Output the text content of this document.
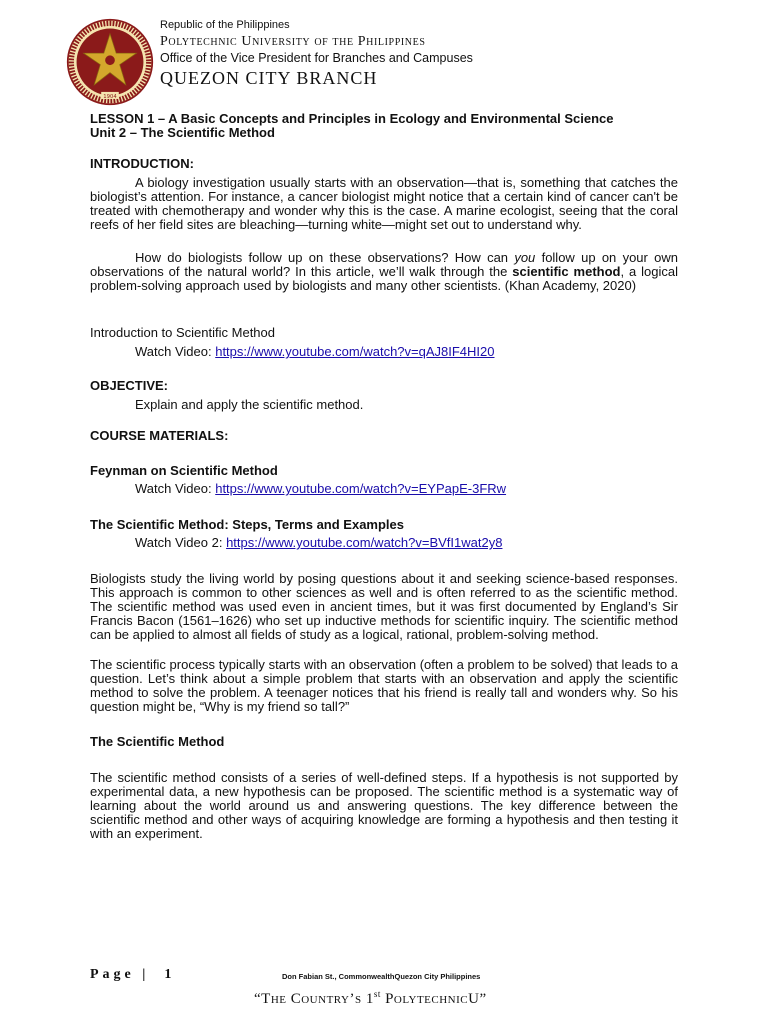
1904
Republic of the Philippines
Polytechnic University of the Philippines
Office of the Vice President for Branches and Campuses
QUEZON CITY BRANCH
LESSON 1 – A Basic Concepts and Principles in Ecology and Environmental Science
Unit 2 – The Scientific Method
INTRODUCTION:
A biology investigation usually starts with an observation—that is, something that catches the biologist’s attention. For instance, a cancer biologist might notice that a certain kind of cancer can't be treated with chemotherapy and wonder why this is the case. A marine ecologist, seeing that the coral reefs of her field sites are bleaching—turning white—might set out to understand why.
How do biologists follow up on these observations? How can you follow up on your own observations of the natural world? In this article, we’ll walk through the scientific method, a logical problem-solving approach used by biologists and many other scientists. (Khan Academy, 2020)
Introduction to Scientific Method
Watch Video: https://www.youtube.com/watch?v=qAJ8IF4HI20
OBJECTIVE:
Explain and apply the scientific method.
COURSE MATERIALS:
Feynman on Scientific Method
Watch Video: https://www.youtube.com/watch?v=EYPapE-3FRw
The Scientific Method: Steps, Terms and Examples
Watch Video 2: https://www.youtube.com/watch?v=BVfI1wat2y8
Biologists study the living world by posing questions about it and seeking science-based responses. This approach is common to other sciences as well and is often referred to as the scientific method. The scientific method was used even in ancient times, but it was first documented by England’s Sir Francis Bacon (1561–1626) who set up inductive methods for scientific inquiry. The scientific method can be applied to almost all fields of study as a logical, rational, problem-solving method.
The scientific process typically starts with an observation (often a problem to be solved) that leads to a question. Let’s think about a simple problem that starts with an observation and apply the scientific method to solve the problem. A teenager notices that his friend is really tall and wonders why. So his question might be, “Why is my friend so tall?”
The Scientific Method
The scientific method consists of a series of well-defined steps. If a hypothesis is not supported by experimental data, a new hypothesis can be proposed. The scientific method is a systematic way of learning about the world around us and answering questions. The key difference between the scientific method and other ways of acquiring knowledge are forming a hypothesis and then testing it with an experiment.
Page | 1	Don Fabian St., CommonwealthQuezon City Philippines
“The Country’s 1st PolytechnicU”
